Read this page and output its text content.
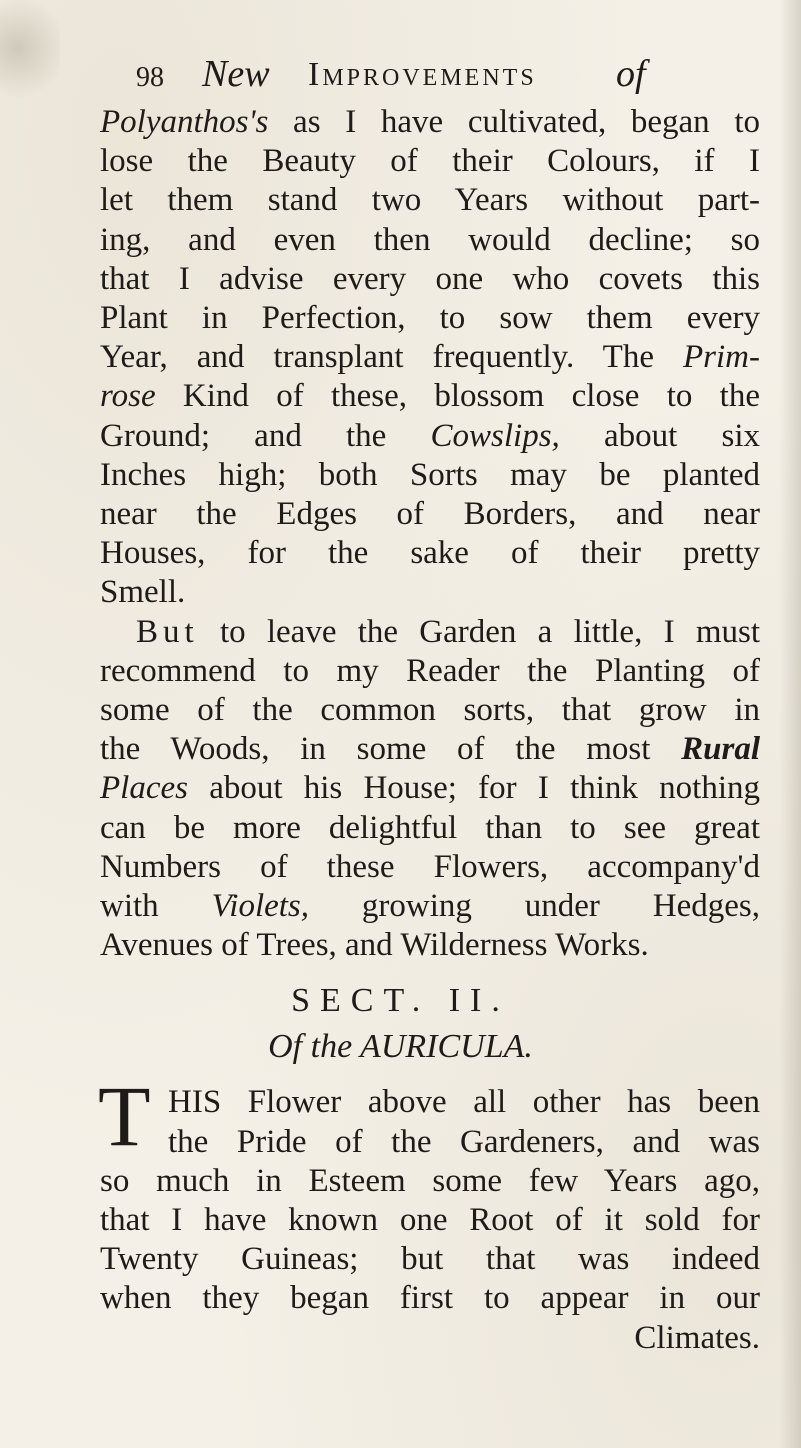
98 New Improvements of
Polyanthos's as I have cultivated, began to
lose the Beauty of their Colours, if I
let them stand two Years without part-
ing, and even then would decline; so
that I advise every one who covets this
Plant in Perfection, to sow them every
Year, and transplant frequently. The Prim-
rose Kind of these, blossom close to the
Ground; and the Cowslips, about six
Inches high; both Sorts may be planted
near the Edges of Borders, and near
Houses, for the sake of their pretty
Smell.
But to leave the Garden a little, I must
recommend to my Reader the Planting of
some of the common sorts, that grow in
the Woods, in some of the most Rural
Places about his House; for I think nothing
can be more delightful than to see great
Numbers of these Flowers, accompany'd
with Violets, growing under Hedges,
Avenues of Trees, and Wilderness Works.
SECT. II.
Of the AURICULA.
T HIS Flower above all other has been
the Pride of the Gardeners, and was
so much in Esteem some few Years ago,
that I have known one Root of it sold for
Twenty Guineas; but that was indeed
when they began first to appear in our
Climates.
